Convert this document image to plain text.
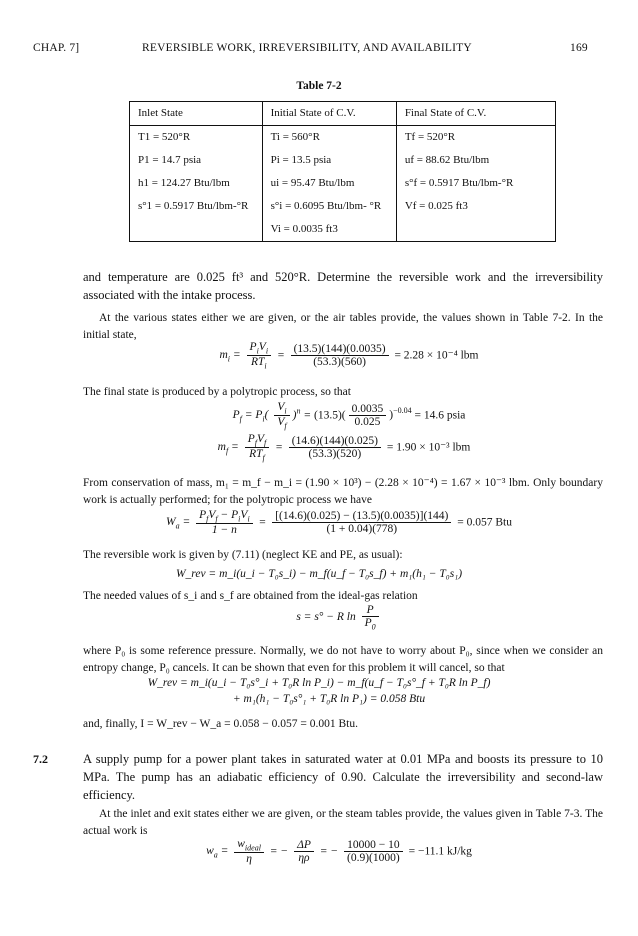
CHAP. 7]	REVERSIBLE WORK, IRREVERSIBILITY, AND AVAILABILITY	169
Table 7-2
Inlet State	Initial State of C.V.	Final State of C.V.
T1 = 520°R	Ti = 560°R	Tf = 520°R
P1 = 14.7 psia	Pi = 13.5 psia	uf = 88.62 Btu/lbm
h1 = 124.27 Btu/lbm	ui = 95.47 Btu/lbm	s°f = 0.5917 Btu/lbm-°R
s°1 = 0.5917 Btu/lbm-°R	s°i = 0.6095 Btu/lbm- °R	Vf = 0.025 ft3
	Vi = 0.0035 ft3	
and temperature are 0.025 ft³ and 520°R. Determine the reversible work and the irreversibility associated with the intake process.
At the various states either we are given, or the air tables provide, the values shown in Table 7-2. In the initial state,
$m_i = \frac{P_iV_i}{RT_i} = \frac{(13.5)(144)(0.0035)}{(53.3)(560)} = 2.28 \times 10^{-4}$ lbm
The final state is produced by a polytropic process, so that
$P_f = P_i( \frac{V_i}{V_f} )^n = (13.5)( \frac{0.0035}{0.025} )^{-0.04} = 14.6$ psia
$m_f = \frac{P_fV_f}{RT_f} = \frac{(14.6)(144)(0.025)}{(53.3)(520)} = 1.90 \times 10^{-3}$ lbm
From conservation of mass, m₁ = m_f − m_i = (1.90 × 10³) − (2.28 × 10⁻⁴) = 1.67 × 10⁻³ lbm. Only boundary work is actually performed; for the polytropic process we have
$W_a = \frac{P_fV_f - P_iV_i}{1 - n} = \frac{[(14.6)(0.025) - (13.5)(0.0035)](144)}{(1 + 0.04)(778)} = 0.057$ Btu
The reversible work is given by (7.11) (neglect KE and PE, as usual):
W_rev = m_i(u_i − T₀s_i) − m_f(u_f − T₀s_f) + m₁(h₁ − T₀s₁)
The needed values of s_i and s_f are obtained from the ideal-gas relation
s = s° − R $\ln \frac{P}{P_0}$
where P₀ is some reference pressure. Normally, we do not have to worry about P₀, since when we consider an entropy change, P₀ cancels. It can be shown that even for this problem it will cancel, so that
W_rev = m_i(u_i − T₀s°_i + T₀R ln P_i) − m_f(u_f − T₀s°_f + T₀R ln P_f)
+ m₁(h₁ − T₀s°₁ + T₀R ln P₁) = 0.058 Btu
and, finally, I = W_rev − W_a = 0.058 − 0.057 = 0.001 Btu.
7.2	A supply pump for a power plant takes in saturated water at 0.01 MPa and boosts its pressure to 10 MPa. The pump has an adiabatic efficiency of 0.90. Calculate the irreversibility and second-law efficiency.
At the inlet and exit states either we are given, or the steam tables provide, the values given in Table 7-3. The actual work is
$w_a = \frac{w_{ideal}}{\eta}$ = − $\frac{\Delta P}{\eta\rho}$ = − $\frac{10000 - 10}{(0.9)(1000)} = -11.1$ kJ/kg
